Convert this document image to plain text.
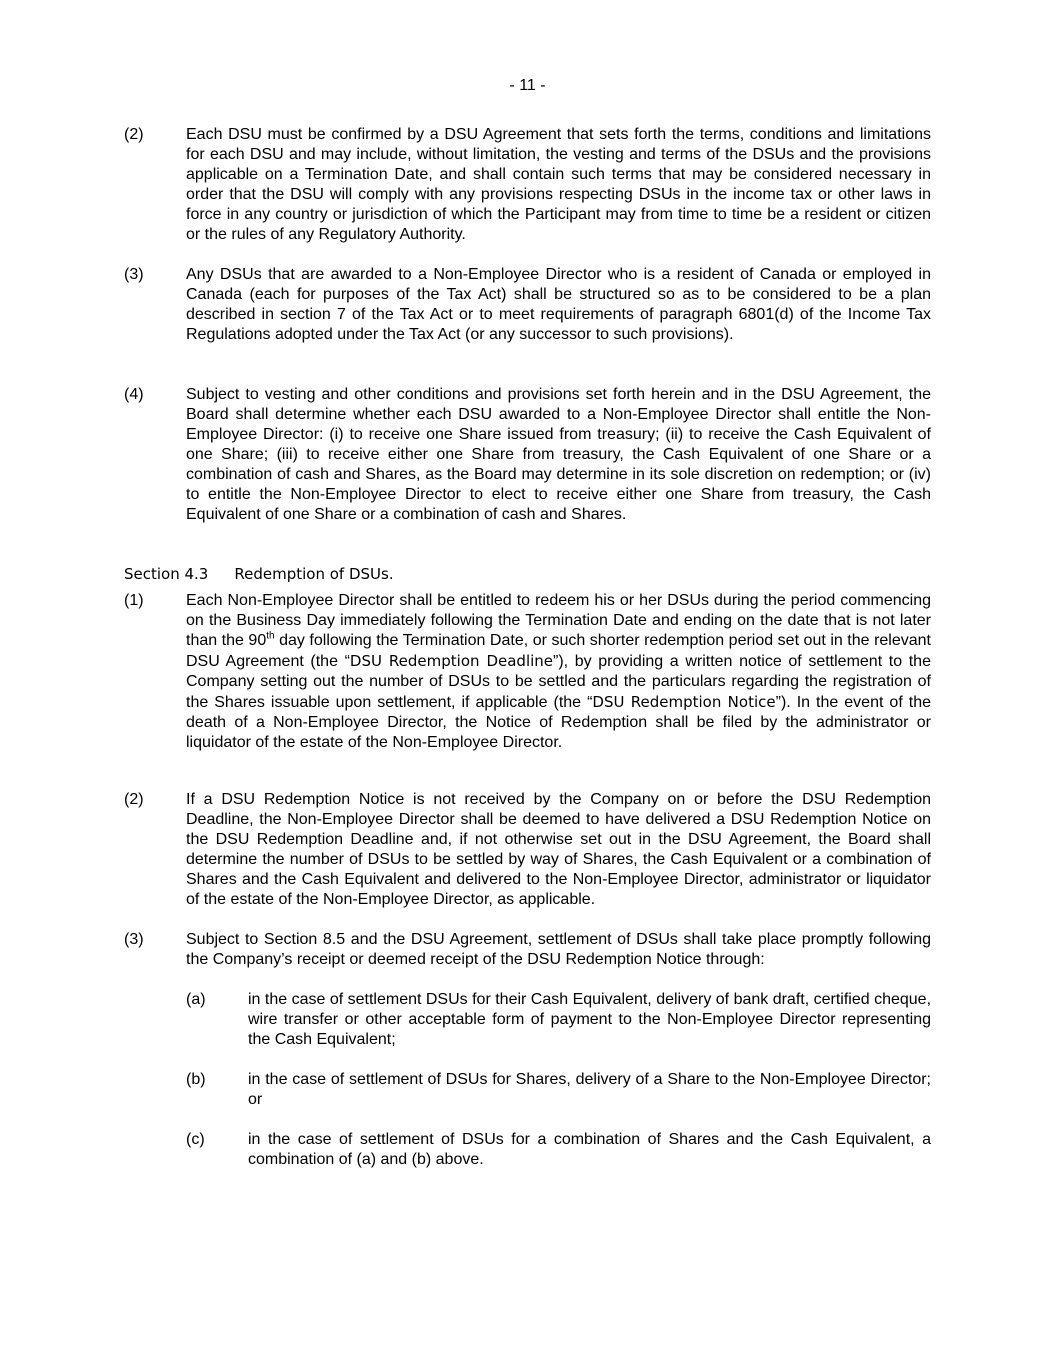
- 11 -
(2)	Each DSU must be confirmed by a DSU Agreement that sets forth the terms, conditions and limitations for each DSU and may include, without limitation, the vesting and terms of the DSUs and the provisions applicable on a Termination Date, and shall contain such terms that may be considered necessary in order that the DSU will comply with any provisions respecting DSUs in the income tax or other laws in force in any country or jurisdiction of which the Participant may from time to time be a resident or citizen or the rules of any Regulatory Authority.
(3)	Any DSUs that are awarded to a Non-Employee Director who is a resident of Canada or employed in Canada (each for purposes of the Tax Act) shall be structured so as to be considered to be a plan described in section 7 of the Tax Act or to meet requirements of paragraph 6801(d) of the Income Tax Regulations adopted under the Tax Act (or any successor to such provisions).
(4)	Subject to vesting and other conditions and provisions set forth herein and in the DSU Agreement, the Board shall determine whether each DSU awarded to a Non-Employee Director shall entitle the Non-Employee Director: (i) to receive one Share issued from treasury; (ii) to receive the Cash Equivalent of one Share; (iii) to receive either one Share from treasury, the Cash Equivalent of one Share or a combination of cash and Shares, as the Board may determine in its sole discretion on redemption; or (iv) to entitle the Non-Employee Director to elect to receive either one Share from treasury, the Cash Equivalent of one Share or a combination of cash and Shares.
Section 4.3 Redemption of DSUs.
(1)	Each Non-Employee Director shall be entitled to redeem his or her DSUs during the period commencing on the Business Day immediately following the Termination Date and ending on the date that is not later than the 90th day following the Termination Date, or such shorter redemption period set out in the relevant DSU Agreement (the “DSU Redemption Deadline”), by providing a written notice of settlement to the Company setting out the number of DSUs to be settled and the particulars regarding the registration of the Shares issuable upon settlement, if applicable (the “DSU Redemption Notice”). In the event of the death of a Non-Employee Director, the Notice of Redemption shall be filed by the administrator or liquidator of the estate of the Non-Employee Director.
(2)	If a DSU Redemption Notice is not received by the Company on or before the DSU Redemption Deadline, the Non-Employee Director shall be deemed to have delivered a DSU Redemption Notice on the DSU Redemption Deadline and, if not otherwise set out in the DSU Agreement, the Board shall determine the number of DSUs to be settled by way of Shares, the Cash Equivalent or a combination of Shares and the Cash Equivalent and delivered to the Non-Employee Director, administrator or liquidator of the estate of the Non-Employee Director, as applicable.
(3)	Subject to Section 8.5 and the DSU Agreement, settlement of DSUs shall take place promptly following the Company’s receipt or deemed receipt of the DSU Redemption Notice through:
(a)	in the case of settlement DSUs for their Cash Equivalent, delivery of bank draft, certified cheque, wire transfer or other acceptable form of payment to the Non-Employee Director representing the Cash Equivalent;
(b)	in the case of settlement of DSUs for Shares, delivery of a Share to the Non-Employee Director; or
(c)	in the case of settlement of DSUs for a combination of Shares and the Cash Equivalent, a combination of (a) and (b) above.
